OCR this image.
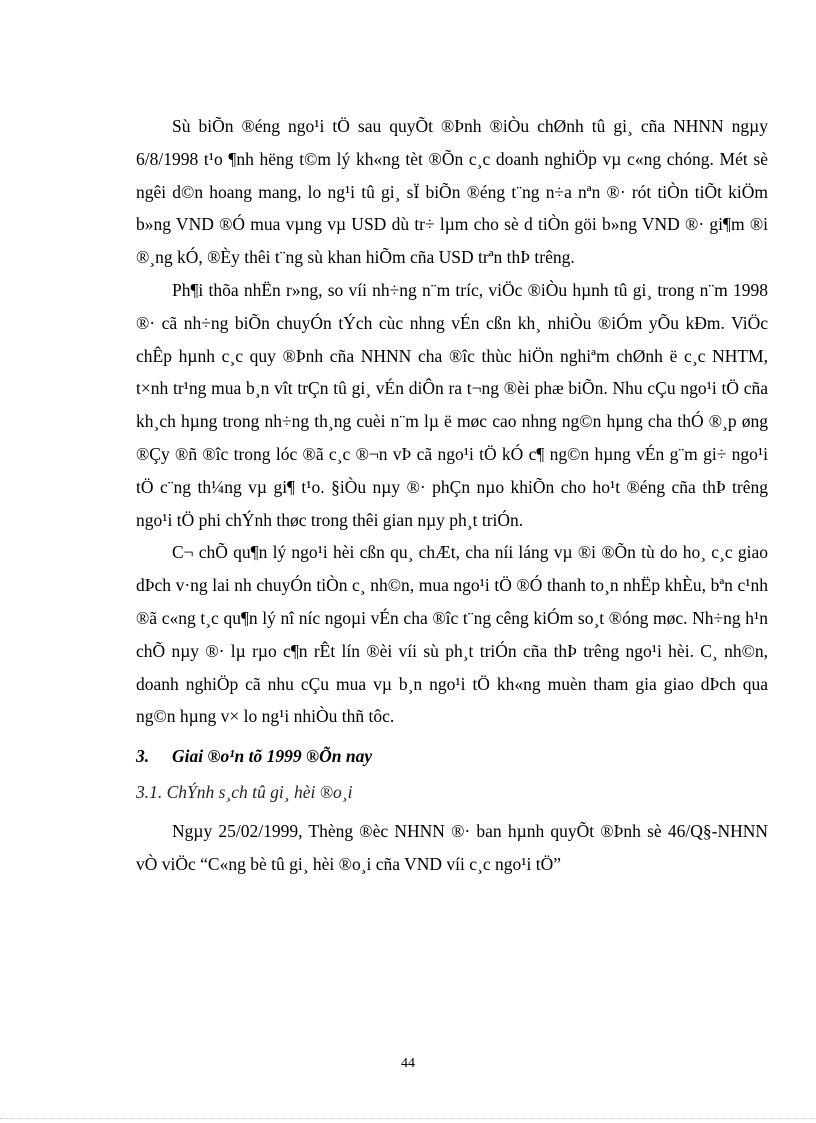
Sù biÕn ®éng ngo¹i tÖ sau quyÕt ®Þnh ®iÒu chØnh tû gi¸ cña NHNN ngµy 6/8/1998 t¹o ¶nh hëng t©m lý kh«ng tèt ®Õn c¸c doanh nghiÖp vµ c«ng chóng. Mét sè ngêi d©n hoang mang, lo ng¹i tû gi¸ sÏ biÕn ®éng t¨ng n÷a nªn ®· rót tiÒn tiÕt kiÖm b»ng VND ®Ó mua vµng vµ USD dù tr÷ lµm cho sè d tiÒn göi b»ng VND ®· gi¶m ®i ®¸ng kÓ, ®Èy thêi t¨ng sù khan hiÕm cña USD trªn thÞ trêng.

Ph¶i thõa nhËn r»ng, so víi nh÷ng n¨m tríc, viÖc ®iÒu hµnh tû gi¸ trong n¨m 1998 ®· cã nh÷ng biÕn chuyÓn tÝch cùc nhng vÉn cßn kh¸ nhiÒu ®iÓm yÕu kÐm. ViÖc chÊp hµnh c¸c quy ®Þnh cña NHNN cha ®îc thùc hiÖn nghiªm chØnh ë c¸c NHTM, t×nh tr¹ng mua b¸n vît trÇn tû gi¸ vÉn diÔn ra t¬ng ®èi phæ biÕn. Nhu cÇu ngo¹i tÖ cña kh¸ch hµng trong nh÷ng th¸ng cuèi n¨m lµ ë møc cao nhng ng©n hµng cha thÓ ®¸p øng ®Çy ®ñ ®îc trong lóc ®ã c¸c ®¬n vÞ cã ngo¹i tÖ kÓ c¶ ng©n hµng vÉn g¨m gi÷ ngo¹i tÖ c¨ng th¼ng vµ gi¶ t¹o. §iÒu nµy ®· phÇn nµo khiÕn cho ho¹t ®éng cña thÞ trêng ngo¹i tÖ phi chÝnh thøc trong thêi gian nµy ph¸t triÓn.

C¬ chÕ qu¶n lý ngo¹i hèi cßn qu¸ chÆt, cha níi láng vµ ®i ®Õn tù do ho¸ c¸c giao dÞch v·ng lai nh chuyÓn tiÒn c¸ nh©n, mua ngo¹i tÖ ®Ó thanh to¸n nhËp khÈu, bªn c¹nh ®ã c«ng t¸c qu¶n lý nî níc ngoµi vÉn cha ®îc t¨ng cêng kiÓm so¸t ®óng møc. Nh÷ng h¹n chÕ nµy ®· lµ rµo c¶n rÊt lín ®èi víi sù ph¸t triÓn cña thÞ trêng ngo¹i hèi. C¸ nh©n, doanh nghiÖp cã nhu cÇu mua vµ b¸n ngo¹i tÖ kh«ng muèn tham gia giao dÞch qua ng©n hµng v× lo ng¹i nhiÒu thñ tôc.

3. Giai ®o¹n tõ 1999 ®Õn nay

3.1. ChÝnh s¸ch tû gi¸ hèi ®o¸i

Ngµy 25/02/1999, Thèng ®èc NHNN ®· ban hµnh quyÕt ®Þnh sè 46/Q§-NHNN vÒ viÖc “C«ng bè tû gi¸ hèi ®o¸i cña VND víi c¸c ngo¹i tÖ”

44
